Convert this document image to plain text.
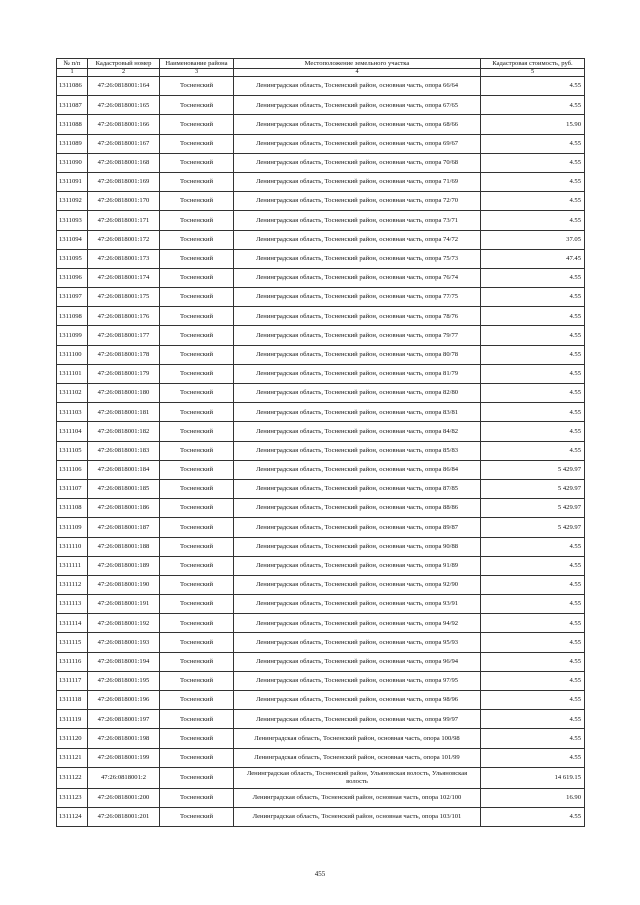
№ п/п	Кадастровый номер	Наименование района	Местоположение земельного участка	Кадастровая стоимость, руб.
1	2	3	4	5
1311086	47:26:0818001:164	Тосненский	Ленинградская область, Тосненский район, основная часть, опора 66/64	4.55
1311087	47:26:0818001:165	Тосненский	Ленинградская область, Тосненский район, основная часть, опора 67/65	4.55
1311088	47:26:0818001:166	Тосненский	Ленинградская область, Тосненский район, основная часть, опора 68/66	15.90
1311089	47:26:0818001:167	Тосненский	Ленинградская область, Тосненский район, основная часть, опора 69/67	4.55
1311090	47:26:0818001:168	Тосненский	Ленинградская область, Тосненский район, основная часть, опора 70/68	4.55
1311091	47:26:0818001:169	Тосненский	Ленинградская область, Тосненский район, основная часть, опора 71/69	4.55
1311092	47:26:0818001:170	Тосненский	Ленинградская область, Тосненский район, основная часть, опора 72/70	4.55
1311093	47:26:0818001:171	Тосненский	Ленинградская область, Тосненский район, основная часть, опора 73/71	4.55
1311094	47:26:0818001:172	Тосненский	Ленинградская область, Тосненский район, основная часть, опора 74/72	37.05
1311095	47:26:0818001:173	Тосненский	Ленинградская область, Тосненский район, основная часть, опора 75/73	47.45
1311096	47:26:0818001:174	Тосненский	Ленинградская область, Тосненский район, основная часть, опора 76/74	4.55
1311097	47:26:0818001:175	Тосненский	Ленинградская область, Тосненский район, основная часть, опора 77/75	4.55
1311098	47:26:0818001:176	Тосненский	Ленинградская область, Тосненский район, основная часть, опора 78/76	4.55
1311099	47:26:0818001:177	Тосненский	Ленинградская область, Тосненский район, основная часть, опора 79/77	4.55
1311100	47:26:0818001:178	Тосненский	Ленинградская область, Тосненский район, основная часть, опора 80/78	4.55
1311101	47:26:0818001:179	Тосненский	Ленинградская область, Тосненский район, основная часть, опора 81/79	4.55
1311102	47:26:0818001:180	Тосненский	Ленинградская область, Тосненский район, основная часть, опора 82/80	4.55
1311103	47:26:0818001:181	Тосненский	Ленинградская область, Тосненский район, основная часть, опора 83/81	4.55
1311104	47:26:0818001:182	Тосненский	Ленинградская область, Тосненский район, основная часть, опора 84/82	4.55
1311105	47:26:0818001:183	Тосненский	Ленинградская область, Тосненский район, основная часть, опора 85/83	4.55
1311106	47:26:0818001:184	Тосненский	Ленинградская область, Тосненский район, основная часть, опора 86/84	5 429.97
1311107	47:26:0818001:185	Тосненский	Ленинградская область, Тосненский район, основная часть, опора 87/85	5 429.97
1311108	47:26:0818001:186	Тосненский	Ленинградская область, Тосненский район, основная часть, опора 88/86	5 429.97
1311109	47:26:0818001:187	Тосненский	Ленинградская область, Тосненский район, основная часть, опора 89/87	5 429.97
1311110	47:26:0818001:188	Тосненский	Ленинградская область, Тосненский район, основная часть, опора 90/88	4.55
1311111	47:26:0818001:189	Тосненский	Ленинградская область, Тосненский район, основная часть, опора 91/89	4.55
1311112	47:26:0818001:190	Тосненский	Ленинградская область, Тосненский район, основная часть, опора 92/90	4.55
1311113	47:26:0818001:191	Тосненский	Ленинградская область, Тосненский район, основная часть, опора 93/91	4.55
1311114	47:26:0818001:192	Тосненский	Ленинградская область, Тосненский район, основная часть, опора 94/92	4.55
1311115	47:26:0818001:193	Тосненский	Ленинградская область, Тосненский район, основная часть, опора 95/93	4.55
1311116	47:26:0818001:194	Тосненский	Ленинградская область, Тосненский район, основная часть, опора 96/94	4.55
1311117	47:26:0818001:195	Тосненский	Ленинградская область, Тосненский район, основная часть, опора 97/95	4.55
1311118	47:26:0818001:196	Тосненский	Ленинградская область, Тосненский район, основная часть, опора 98/96	4.55
1311119	47:26:0818001:197	Тосненский	Ленинградская область, Тосненский район, основная часть, опора 99/97	4.55
1311120	47:26:0818001:198	Тосненский	Ленинградская область, Тосненский район, основная часть, опора 100/98	4.55
1311121	47:26:0818001:199	Тосненский	Ленинградская область, Тосненский район, основная часть, опора 101/99	4.55
1311122	47:26:0818001:2	Тосненский	Ленинградская область, Тосненский район, Ульяновская волость, Ульяновская волость	14 619.15
1311123	47:26:0818001:200	Тосненский	Ленинградская область, Тосненский район, основная часть, опора 102/100	16.90
1311124	47:26:0818001:201	Тосненский	Ленинградская область, Тосненский район, основная часть, опора 103/101	4.55
455
